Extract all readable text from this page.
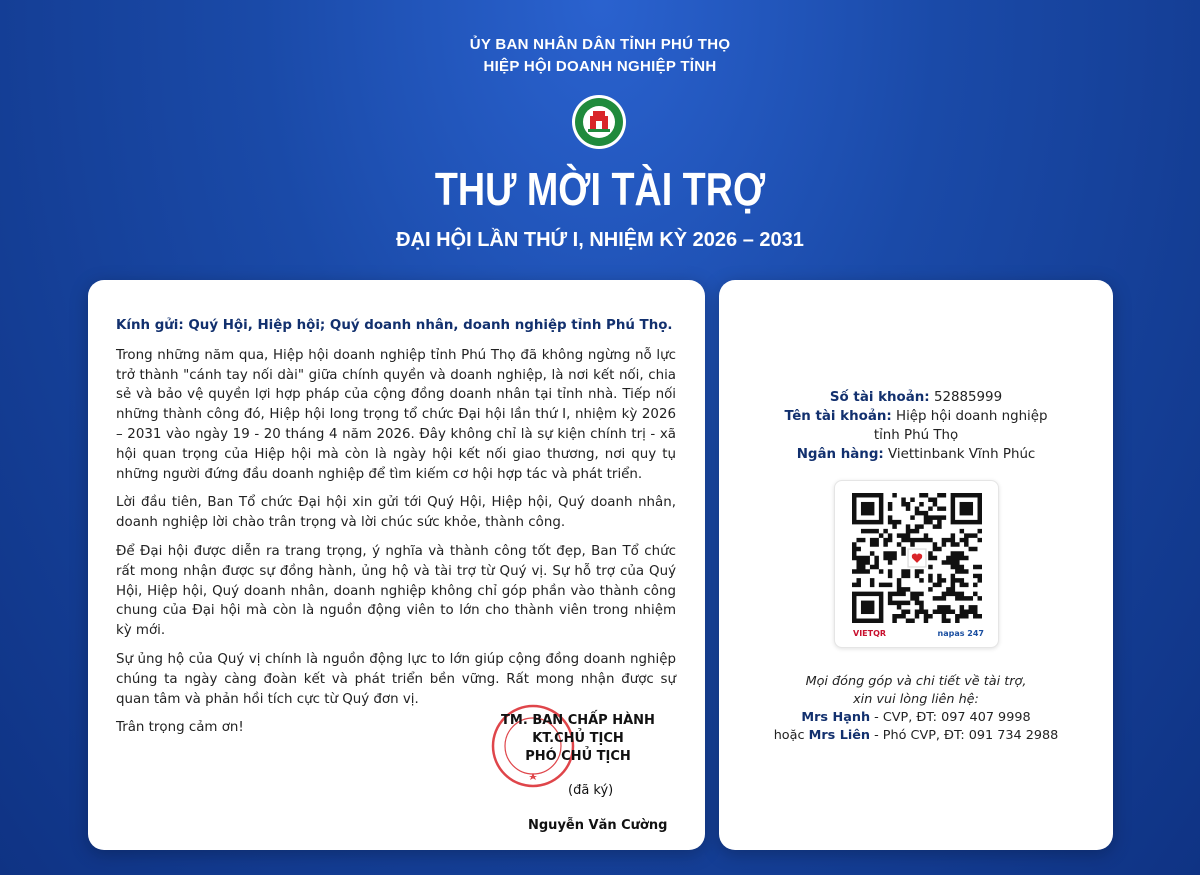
ỦY BAN NHÂN DÂN TỈNH PHÚ THỌ
HIỆP HỘI DOANH NGHIỆP TỈNH
THƯ MỜI TÀI TRỢ
ĐẠI HỘI LẦN THỨ I, NHIỆM KỲ 2026 – 2031

Kính gửi: Quý Hội, Hiệp hội; Quý doanh nhân, doanh nghiệp tỉnh Phú Thọ.

Trong những năm qua, Hiệp hội doanh nghiệp tỉnh Phú Thọ đã không ngừng nỗ lực trở thành "cánh tay nối dài" giữa chính quyền và doanh nghiệp, là nơi kết nối, chia sẻ và bảo vệ quyền lợi hợp pháp của cộng đồng doanh nhân tại tỉnh nhà. Tiếp nối những thành công đó, Hiệp hội long trọng tổ chức Đại hội lần thứ I, nhiệm kỳ 2026 – 2031 vào ngày 19 - 20 tháng 4 năm 2026. Đây không chỉ là sự kiện chính trị - xã hội quan trọng của Hiệp hội mà còn là ngày hội kết nối giao thương, nơi quy tụ những người đứng đầu doanh nghiệp để tìm kiếm cơ hội hợp tác và phát triển.

Lời đầu tiên, Ban Tổ chức Đại hội xin gửi tới Quý Hội, Hiệp hội, Quý doanh nhân, doanh nghiệp lời chào trân trọng và lời chúc sức khỏe, thành công.

Để Đại hội được diễn ra trang trọng, ý nghĩa và thành công tốt đẹp, Ban Tổ chức rất mong nhận được sự đồng hành, ủng hộ và tài trợ từ Quý vị. Sự hỗ trợ của Quý Hội, Hiệp hội, Quý doanh nhân, doanh nghiệp không chỉ góp phần vào thành công chung của Đại hội mà còn là nguồn động viên to lớn cho thành viên trong nhiệm kỳ mới.

Sự ủng hộ của Quý vị chính là nguồn động lực to lớn giúp cộng đồng doanh nghiệp chúng ta ngày càng đoàn kết và phát triển bền vững. Rất mong nhận được sự quan tâm và phản hồi tích cực từ Quý đơn vị.

Trân trọng cảm ơn!	TM. BAN CHẤP HÀNH
KT.CHỦ TỊCH
PHÓ CHỦ TỊCH
(đã ký)
Nguyễn Văn Cường
Số tài khoản: 52885999
Tên tài khoản: Hiệp hội doanh nghiệp tỉnh Phú Thọ
Ngân hàng: Viettinbank Vĩnh Phúc
VIETQR	napas 247
Mọi đóng góp và chi tiết về tài trợ,
xin vui lòng liên hệ:
Mrs Hạnh - CVP, ĐT: 097 407 9998
hoặc Mrs Liên - Phó CVP, ĐT: 091 734 2988
